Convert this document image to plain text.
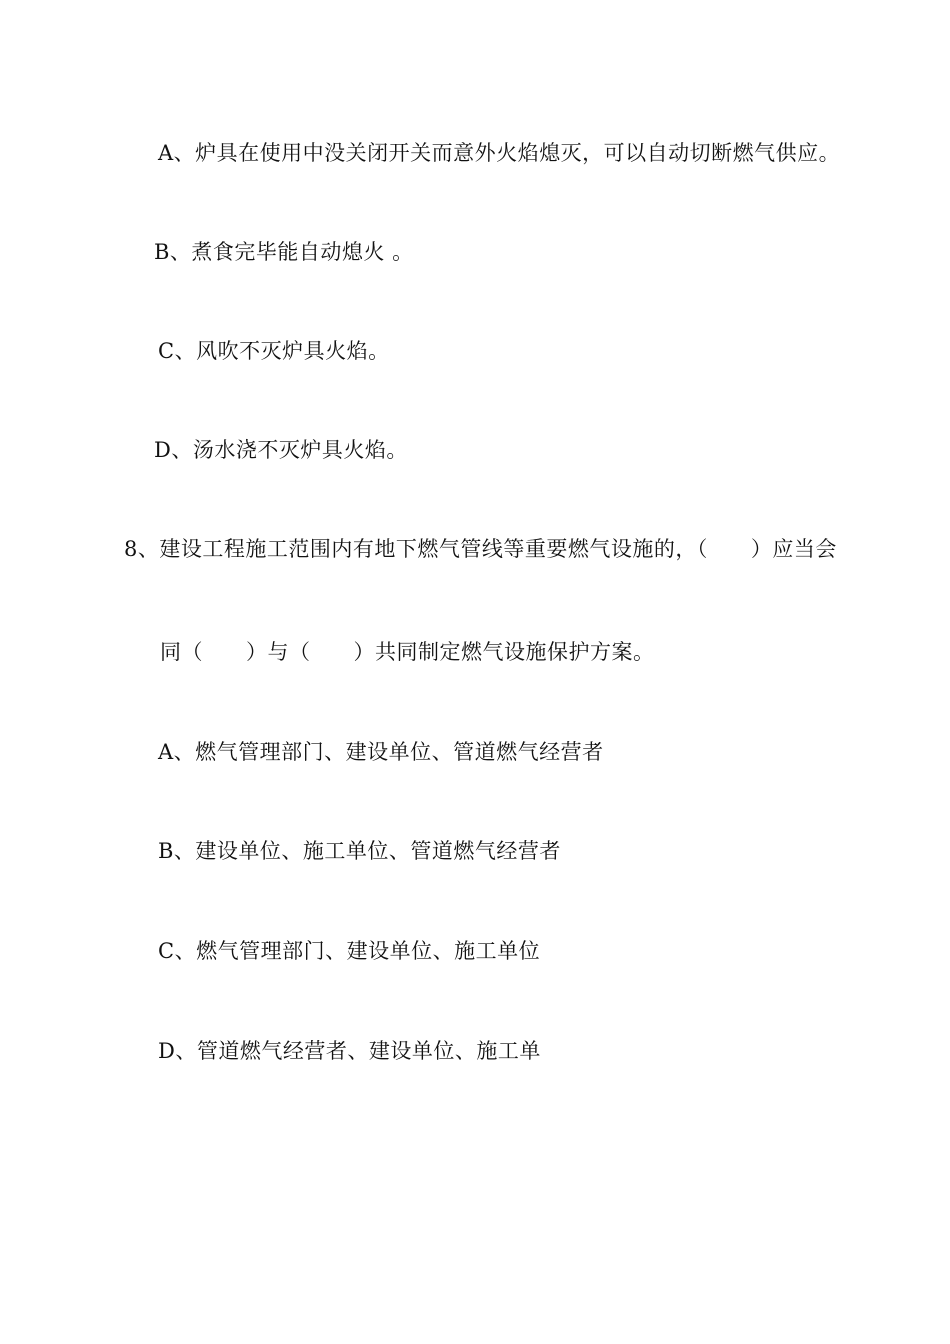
A、炉具在使用中没关闭开关而意外火焰熄灭，可以自动切断燃气供应。
B、煮食完毕能自动熄火 。
C、风吹不灭炉具火焰。
D、汤水浇不灭炉具火焰。
8、建设工程施工范围内有地下燃气管线等重要燃气设施的，（　　）应当会
同（　　）与（　　）共同制定燃气设施保护方案。
A、燃气管理部门、建设单位、管道燃气经营者
B、建设单位、施工单位、管道燃气经营者
C、燃气管理部门、建设单位、施工单位
D、管道燃气经营者、建设单位、施工单
